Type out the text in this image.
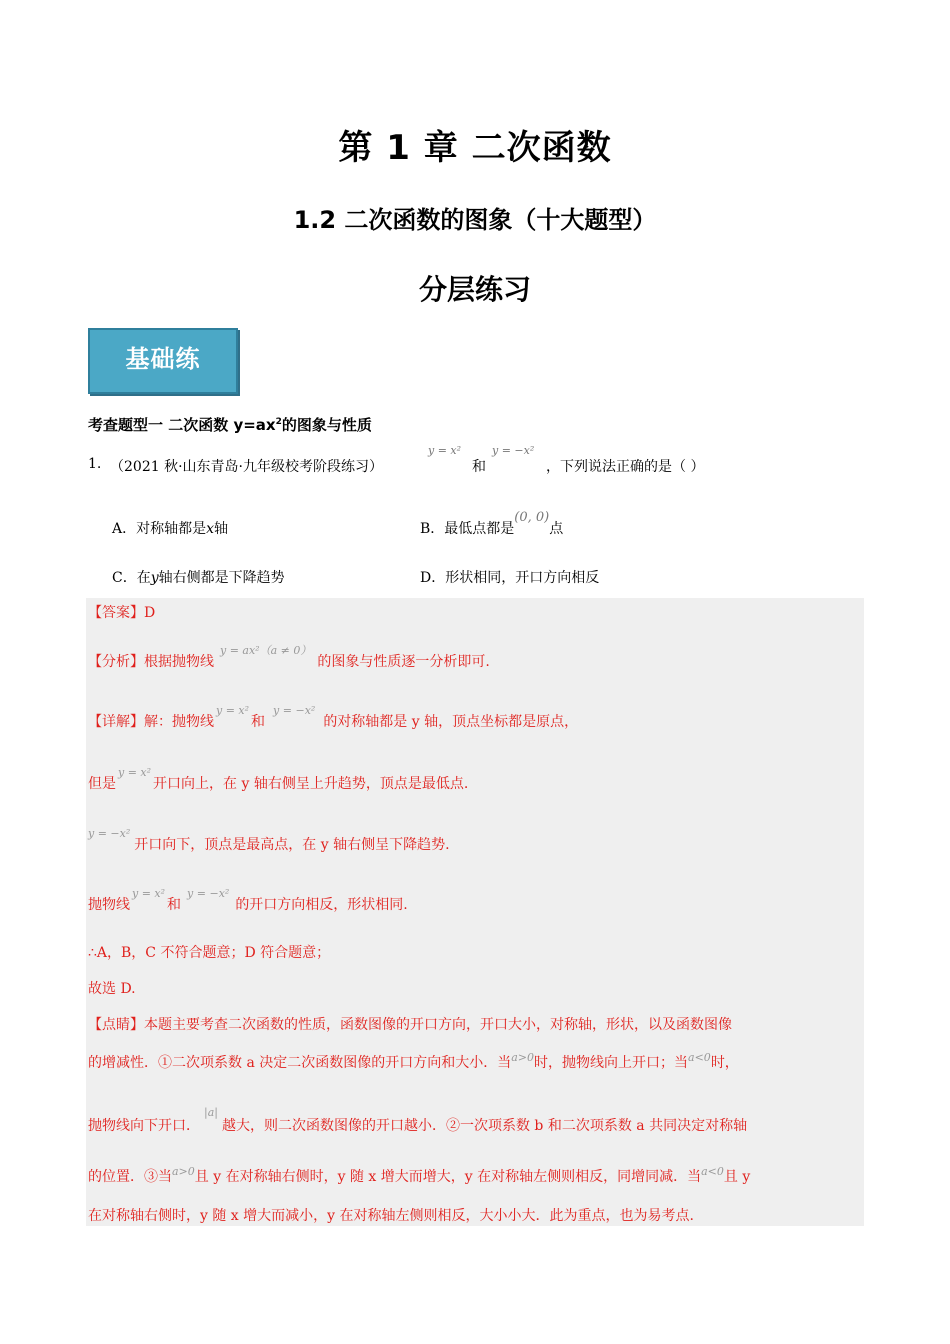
第 1 章 二次函数
1.2 二次函数的图象（十大题型）
分层练习
基础练
考查题型一 二次函数 $y=ax^2$的图象与性质
1. （2021 秋·山东青岛·九年级校考阶段练习）
y = x²
和
y = −x²
，下列说法正确的是（ ）
A．对称轴都是x轴	B．最低点都是(0, 0)点
C．在y轴右侧都是下降趋势	D．形状相同，开口方向相反
【答案】D
【分析】根据抛物线$^{y = ax^2(a \ne 0)}$的图象与性质逐一分析即可.
【详解】解：抛物线$^{y = x^2}$和$^{y = -x^2}$的对称轴都是 y 轴，顶点坐标都是原点，
但是$^{y = x^2}$开口向上，在 y 轴右侧呈上升趋势，顶点是最低点.
$^{y = -x^2}$开口向下，顶点是最高点，在 y 轴右侧呈下降趋势.
抛物线$^{y = x^2}$和$^{y = -x^2}$的开口方向相反，形状相同.
∴A，B，C 不符合题意；D 符合题意；
故选 D.
【点睛】本题主要考查二次函数的性质，函数图像的开口方向，开口大小，对称轴，形状，以及函数图像
的增减性．①二次项系数 a 决定二次函数图像的开口方向和大小．当$^{a>0}$时，抛物线向上开口；当$^{a<0}$时，
抛物线向下开口．$^{|a|}$越大，则二次函数图像的开口越小．②一次项系数 b 和二次项系数 a 共同决定对称轴
的位置．③当$^{a>0}$且 y 在对称轴右侧时，y 随 x 增大而增大，y 在对称轴左侧则相反，同增同减．当$^{a<0}$且 y
在对称轴右侧时，y 随 x 增大而减小，y 在对称轴左侧则相反，大小小大．此为重点，也为易考点.
